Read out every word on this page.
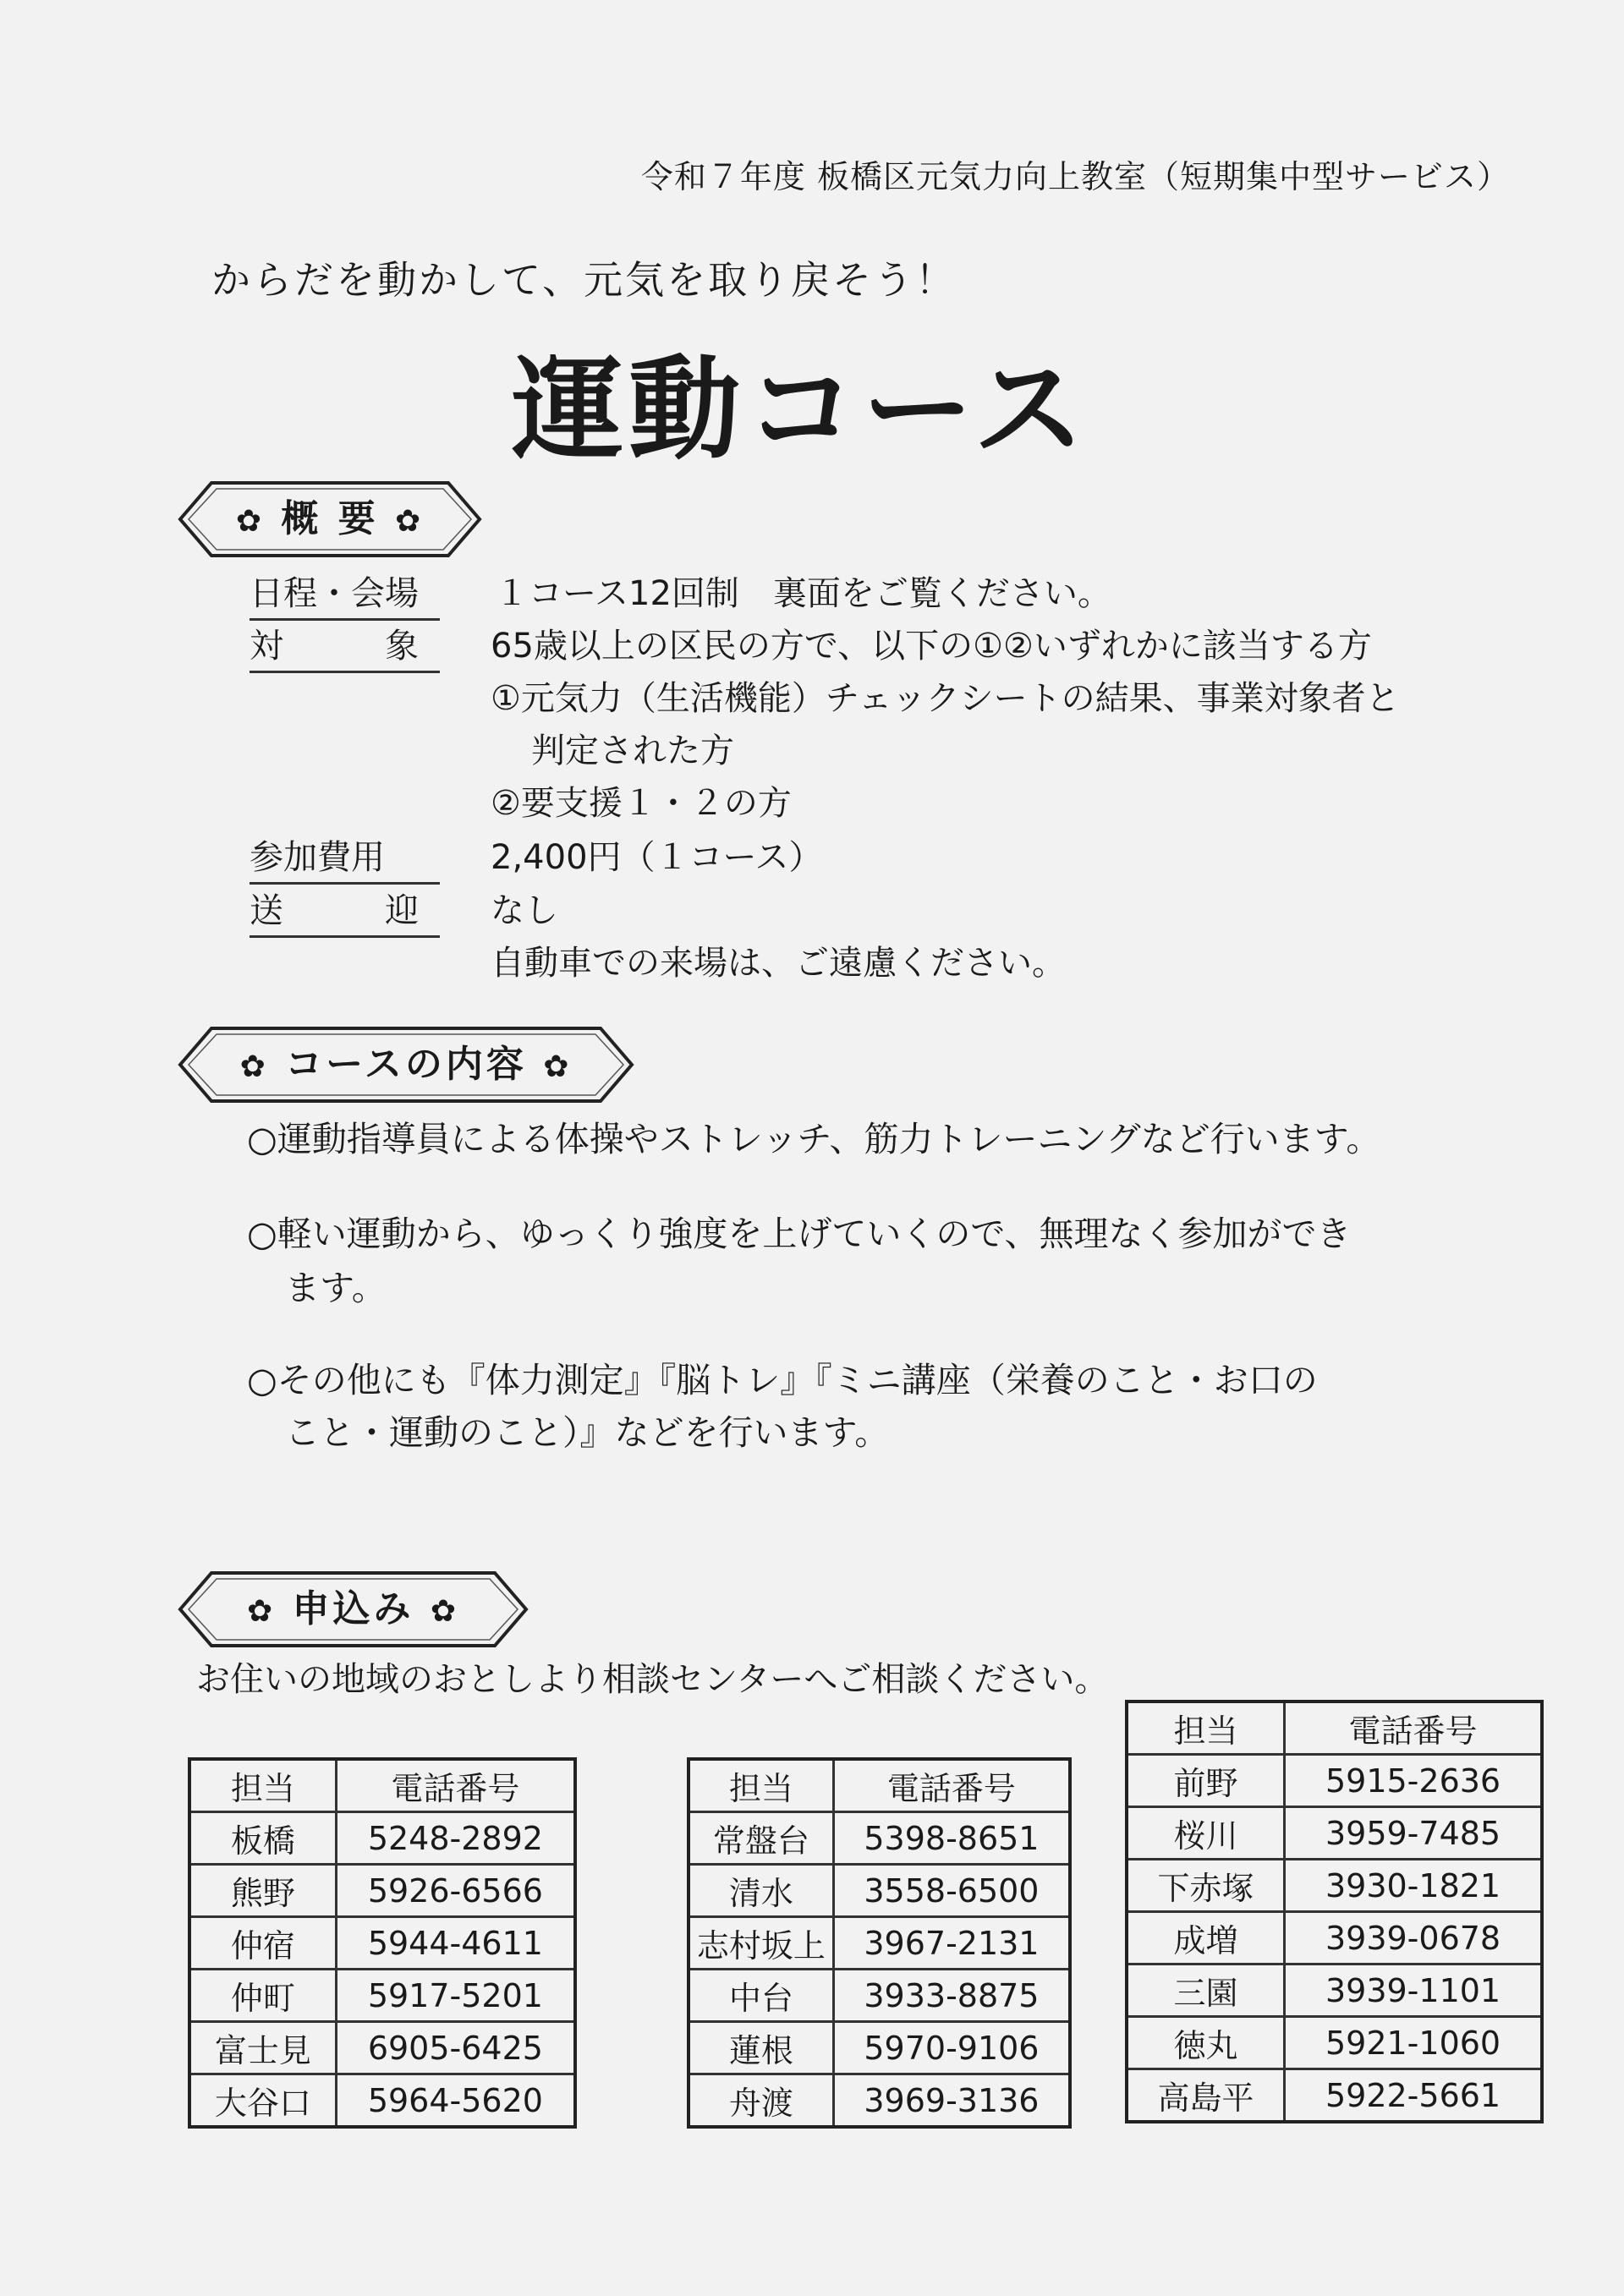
令和７年度 板橋区元気力向上教室（短期集中型サービス）
からだを動かして、元気を取り戻そう！
運動コース
✿ 概 要 ✿
日程・会場	１コース12回制　裏面をご覧ください。
対　　　象	65歳以上の区民の方で、以下の①②いずれかに該当する方
①元気力（生活機能）チェックシートの結果、事業対象者と
判定された方
②要支援１・２の方
参加費用	2,400円（１コース）
送　　　迎	なし
自動車での来場は、ご遠慮ください。
✿ コースの内容 ✿
○運動指導員による体操やストレッチ、筋力トレーニングなど行います。
○軽い運動から、ゆっくり強度を上げていくので、無理なく参加ができ
ます。
○その他にも『体力測定』『脳トレ』『ミニ講座（栄養のこと・お口の
こと・運動のこと）』などを行います。
✿ 申込み ✿
お住いの地域のおとしより相談センターへご相談ください。
担当	電話番号
板橋	5248-2892
熊野	5926-6566
仲宿	5944-4611
仲町	5917-5201
富士見	6905-6425
大谷口	5964-5620
担当	電話番号
常盤台	5398-8651
清水	3558-6500
志村坂上	3967-2131
中台	3933-8875
蓮根	5970-9106
舟渡	3969-3136
担当	電話番号
前野	5915-2636
桜川	3959-7485
下赤塚	3930-1821
成増	3939-0678
三園	3939-1101
徳丸	5921-1060
高島平	5922-5661
